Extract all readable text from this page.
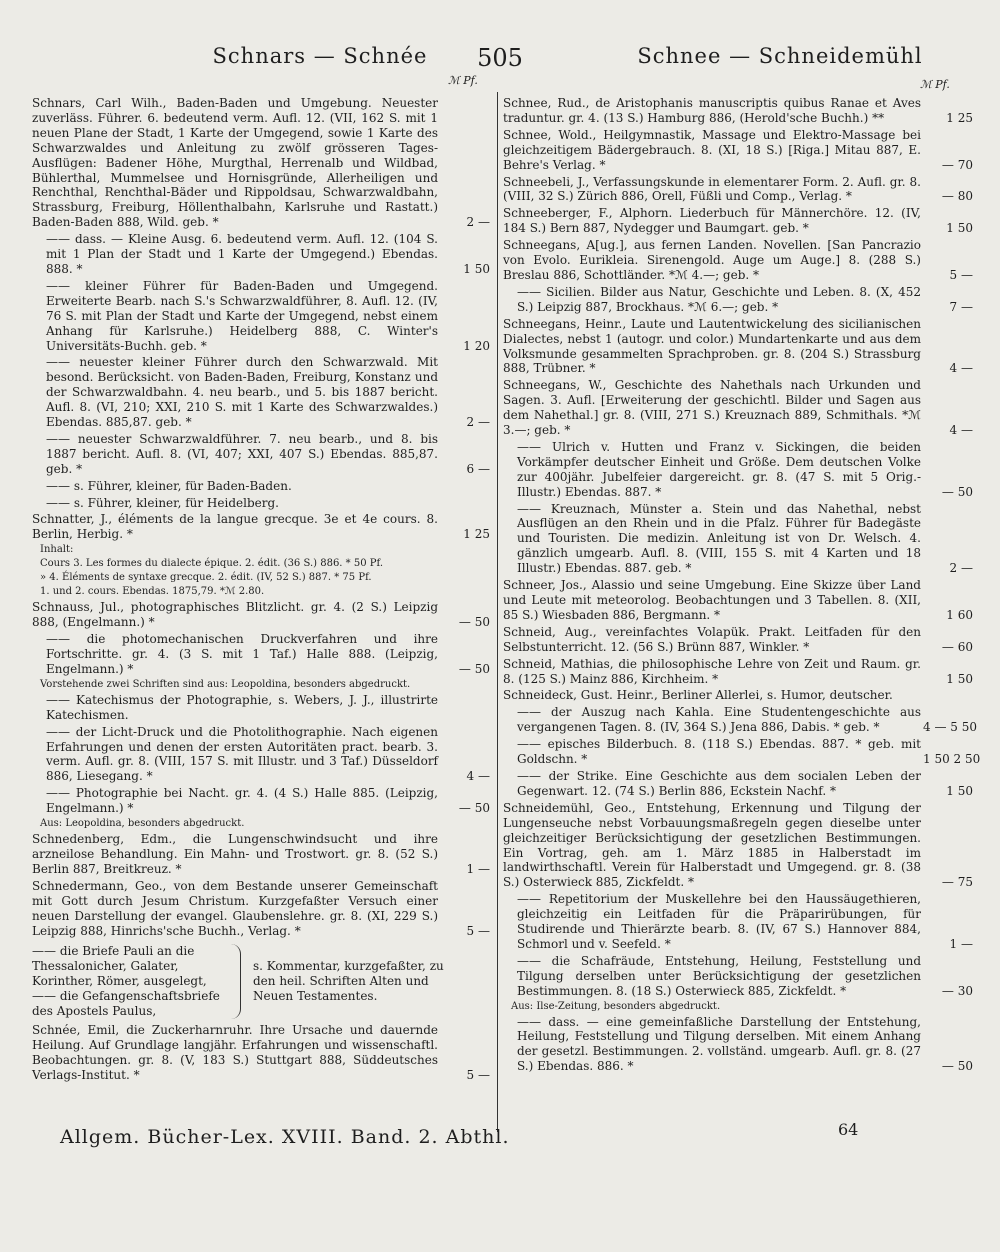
Schnars — Schnée	505	Schnee — Schneidemühl
ℳ Pf.	ℳ Pf.
Schnars, Carl Wilh., Baden-Baden und Umgebung. Neuester zuverläss. Führer. 6. bedeutend verm. Aufl. 12. (VII, 162 S. mit 1 neuen Plane der Stadt, 1 Karte der Umgegend, sowie 1 Karte des Schwarzwaldes und Anleitung zu zwölf grösseren Tages-Ausflügen: Badener Höhe, Murgthal, Herrenalb und Wildbad, Bühlerthal, Mummelsee und Hornisgründe, Allerheiligen und Renchthal, Renchthal-Bäder und Rippoldsau, Schwarzwaldbahn, Strassburg, Freiburg, Höllenthalbahn, Karlsruhe und Rastatt.) Baden-Baden 888, Wild. geb. *	2 —
—— dass. — Kleine Ausg. 6. bedeutend verm. Aufl. 12. (104 S. mit 1 Plan der Stadt und 1 Karte der Umgegend.) Ebendas. 888. *	1 50
—— kleiner Führer für Baden-Baden und Umgegend. Erweiterte Bearb. nach S.'s Schwarzwaldführer, 8. Aufl. 12. (IV, 76 S. mit Plan der Stadt und Karte der Umgegend, nebst einem Anhang für Karlsruhe.) Heidelberg 888, C. Winter's Universitäts-Buchh. geb. *	1 20
—— neuester kleiner Führer durch den Schwarzwald. Mit besond. Berücksicht. von Baden-Baden, Freiburg, Konstanz und der Schwarzwaldbahn. 4. neu bearb., und 5. bis 1887 bericht. Aufl. 8. (VI, 210; XXI, 210 S. mit 1 Karte des Schwarzwaldes.) Ebendas. 885,87. geb. *	2 —
—— neuester Schwarzwaldführer. 7. neu bearb., und 8. bis 1887 bericht. Aufl. 8. (VI, 407; XXI, 407 S.) Ebendas. 885,87. geb. *	6 —
—— s. Führer, kleiner, für Baden-Baden.
—— s. Führer, kleiner, für Heidelberg.
Schnatter, J., éléments de la langue grecque. 3e et 4e cours. 8. Berlin, Herbig. *	1 25
Inhalt:
Cours 3. Les formes du dialecte épique. 2. édit. (36 S.) 886. * 50 Pf.
» 4. Éléments de syntaxe grecque. 2. édit. (IV, 52 S.) 887. * 75 Pf.
1. und 2. cours. Ebendas. 1875,79. *ℳ 2.80.
Schnauss, Jul., photographisches Blitzlicht. gr. 4. (2 S.) Leipzig 888, (Engelmann.) *	— 50
—— die photomechanischen Druckverfahren und ihre Fortschritte. gr. 4. (3 S. mit 1 Taf.) Halle 888. (Leipzig, Engelmann.) *	— 50
Vorstehende zwei Schriften sind aus: Leopoldina, besonders abgedruckt.
—— Katechismus der Photographie, s. Webers, J. J., illustrirte Katechismen.
—— der Licht-Druck und die Photolithographie. Nach eigenen Erfahrungen und denen der ersten Autoritäten pract. bearb. 3. verm. Aufl. gr. 8. (VIII, 157 S. mit Illustr. und 3 Taf.) Düsseldorf 886, Liesegang. *	4 —
—— Photographie bei Nacht. gr. 4. (4 S.) Halle 885. (Leipzig, Engelmann.) *	— 50
Aus: Leopoldina, besonders abgedruckt.
Schnedenberg, Edm., die Lungenschwindsucht und ihre arzneilose Behandlung. Ein Mahn- und Trostwort. gr. 8. (52 S.) Berlin 887, Breitkreuz. *	1 —
Schnedermann, Geo., von dem Bestande unserer Gemeinschaft mit Gott durch Jesum Christum. Kurzgefaßter Versuch einer neuen Darstellung der evangel. Glaubenslehre. gr. 8. (XI, 229 S.) Leipzig 888, Hinrichs'sche Buchh., Verlag. *	5 —
—— die Briefe Pauli an die Thessalonicher, Galater, Korinther, Römer, ausgelegt, —— die Gefangenschaftsbriefe des Apostels Paulus,
s. Kommentar, kurzgefaßter, zu den heil. Schriften Alten und Neuen Testamentes.
Schnée, Emil, die Zuckerharnruhr. Ihre Ursache und dauernde Heilung. Auf Grundlage langjähr. Erfahrungen und wissenschaftl. Beobachtungen. gr. 8. (V, 183 S.) Stuttgart 888, Süddeutsches Verlags-Institut. *	5 —
Schnee, Rud., de Aristophanis manuscriptis quibus Ranae et Aves traduntur. gr. 4. (13 S.) Hamburg 886, (Herold'sche Buchh.) **	1 25
Schnee, Wold., Heilgymnastik, Massage und Elektro-Massage bei gleichzeitigem Bädergebrauch. 8. (XI, 18 S.) [Riga.] Mitau 887, E. Behre's Verlag. *	— 70
Schneebeli, J., Verfassungskunde in elementarer Form. 2. Aufl. gr. 8. (VIII, 32 S.) Zürich 886, Orell, Füßli und Comp., Verlag. *	— 80
Schneeberger, F., Alphorn. Liederbuch für Männerchöre. 12. (IV, 184 S.) Bern 887, Nydegger und Baumgart. geb. *	1 50
Schneegans, A[ug.], aus fernen Landen. Novellen. [San Pancrazio von Evolo. Eurikleia. Sirenengold. Auge um Auge.] 8. (288 S.) Breslau 886, Schottländer. *ℳ 4.—; geb. *	5 —
—— Sicilien. Bilder aus Natur, Geschichte und Leben. 8. (X, 452 S.) Leipzig 887, Brockhaus. *ℳ 6.—; geb. *	7 —
Schneegans, Heinr., Laute und Lautentwickelung des sicilianischen Dialectes, nebst 1 (autogr. und color.) Mundartenkarte und aus dem Volksmunde gesammelten Sprachproben. gr. 8. (204 S.) Strassburg 888, Trübner. *	4 —
Schneegans, W., Geschichte des Nahethals nach Urkunden und Sagen. 3. Aufl. [Erweiterung der geschichtl. Bilder und Sagen aus dem Nahethal.] gr. 8. (VIII, 271 S.) Kreuznach 889, Schmithals. *ℳ 3.—; geb. *	4 —
—— Ulrich v. Hutten und Franz v. Sickingen, die beiden Vorkämpfer deutscher Einheit und Größe. Dem deutschen Volke zur 400jähr. Jubelfeier dargereicht. gr. 8. (47 S. mit 5 Orig.-Illustr.) Ebendas. 887. *	— 50
—— Kreuznach, Münster a. Stein und das Nahethal, nebst Ausflügen an den Rhein und in die Pfalz. Führer für Badegäste und Touristen. Die medizin. Anleitung ist von Dr. Welsch. 4. gänzlich umgearb. Aufl. 8. (VIII, 155 S. mit 4 Karten und 18 Illustr.) Ebendas. 887. geb. *	2 —
Schneer, Jos., Alassio und seine Umgebung. Eine Skizze über Land und Leute mit meteorolog. Beobachtungen und 3 Tabellen. 8. (XII, 85 S.) Wiesbaden 886, Bergmann. *	1 60
Schneid, Aug., vereinfachtes Volapük. Prakt. Leitfaden für den Selbstunterricht. 12. (56 S.) Brünn 887, Winkler. *	— 60
Schneid, Mathias, die philosophische Lehre von Zeit und Raum. gr. 8. (125 S.) Mainz 886, Kirchheim. *	1 50
Schneideck, Gust. Heinr., Berliner Allerlei, s. Humor, deutscher.
—— der Auszug nach Kahla. Eine Studentengeschichte aus vergangenen Tagen. 8. (IV, 364 S.) Jena 886, Dabis. * geb. *	4 — 5 50
—— episches Bilderbuch. 8. (118 S.) Ebendas. 887. * geb. mit Goldschn. *	1 50 2 50
—— der Strike. Eine Geschichte aus dem socialen Leben der Gegenwart. 12. (74 S.) Berlin 886, Eckstein Nachf. *	1 50
Schneidemühl, Geo., Entstehung, Erkennung und Tilgung der Lungenseuche nebst Vorbauungsmaßregeln gegen dieselbe unter gleichzeitiger Berücksichtigung der gesetzlichen Bestimmungen. Ein Vortrag, geh. am 1. März 1885 in Halberstadt im landwirthschaftl. Verein für Halberstadt und Umgegend. gr. 8. (38 S.) Osterwieck 885, Zickfeldt. *	— 75
—— Repetitorium der Muskellehre bei den Haussäugethieren, gleichzeitig ein Leitfaden für die Präparirübungen, für Studirende und Thierärzte bearb. 8. (IV, 67 S.) Hannover 884, Schmorl und v. Seefeld. *	1 —
—— die Schafräude, Entstehung, Heilung, Feststellung und Tilgung derselben unter Berücksichtigung der gesetzlichen Bestimmungen. 8. (18 S.) Osterwieck 885, Zickfeldt. *	— 30
Aus: Ilse-Zeitung, besonders abgedruckt.
—— dass. — eine gemeinfaßliche Darstellung der Entstehung, Heilung, Feststellung und Tilgung derselben. Mit einem Anhang der gesetzl. Bestimmungen. 2. vollständ. umgearb. Aufl. gr. 8. (27 S.) Ebendas. 886. *	— 50
Allgem. Bücher-Lex. XVIII. Band. 2. Abthl.	64
